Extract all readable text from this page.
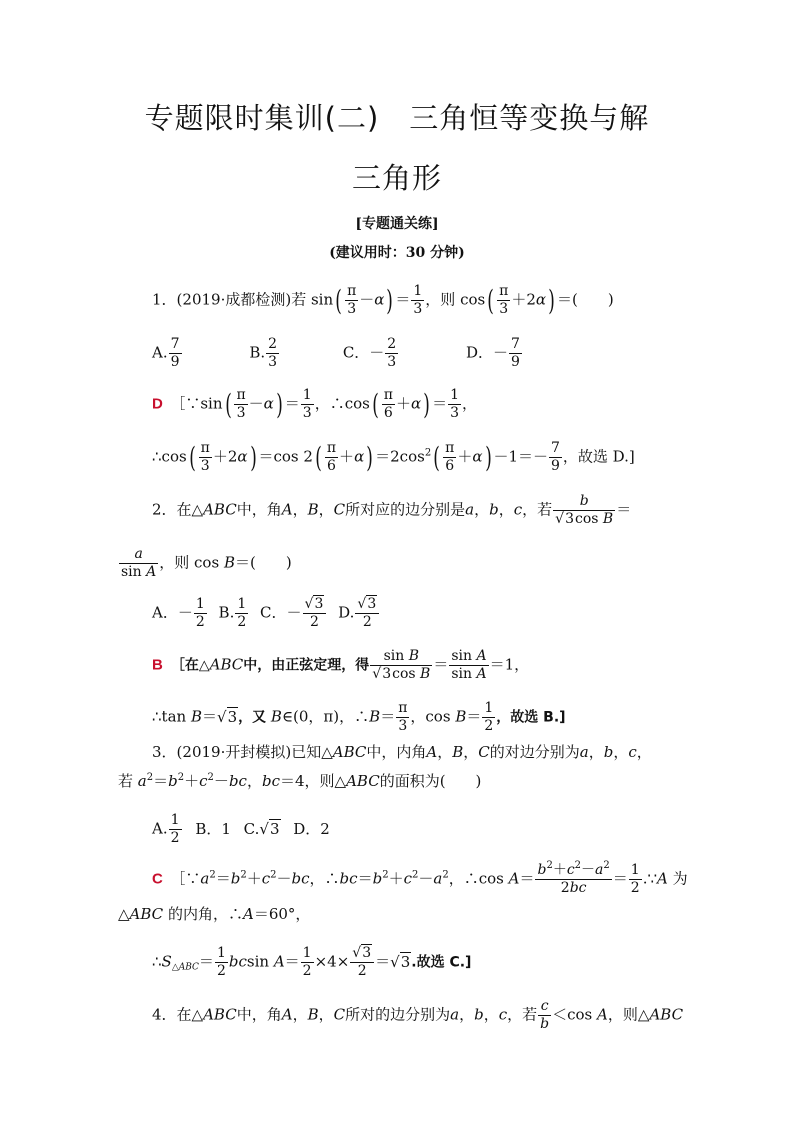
专题限时集训(二)　三角恒等变换与解
三角形
[专题通关练]
(建议用时：30 分钟)
1．(2019·成都检测)若 $\sin( \frac{\pi}{3} -\alpha) = \frac{1}{3}$ ，则 $\cos( \frac{\pi}{3} +2\alpha)$ ＝(　　)
A. $\frac{7}{9}$	B. $\frac{2}{3}$	C．－ $\frac{2}{3}$	D．－ $\frac{7}{9}$
D　 ［∵sin( $\frac{\pi}{3} -\alpha) = \frac{1}{3}$ ，∴cos( $\frac{\pi}{6} +\alpha) = \frac{1}{3}$ ，
∴cos( $\frac{\pi}{3} +2\alpha) =\cos$ $2( \frac{\pi}{6} +\alpha) =2\cos^2( \frac{\pi}{6} +\alpha) -1=- \frac{7}{9}$ ，故选 D.]
2．在△ABC中，角A，B，C所对应的边分别是a，b，c，若 $\frac{b}{\text{√3cos B}}$ ＝
$\frac{a}{\text{sin A}}$ ，则 cos B＝(　　)
A．－ $\frac{1}{2} B$. $\frac{1}{2}$ C．－ $\frac{√3}{2} D$. $\frac{√3}{2}$
B　 ［在△ABC中，由正弦定理，得 $\frac{\text{sin B}}{\text{√3cos B}} = \frac{\text{sin A}}{\text{sin A}} =1$，
∴tan B＝√3，又 B∈(0，π)，∴B＝ $\frac{\pi}{3}$ ，$\cos B= \frac{1}{2}$ ，故选 B.]
3．(2019·开封模拟)已知△ABC中，内角A，B，C的对边分别为a，b，c，
若 $a^2=b^2+c^2-bc$，bc＝4，则△ABC的面积为(　　)
A. $\frac{1}{2}$ B．1 C.√3 D．2
C　 $[\because a^2=b^2+c^2-bc$，$\therefore bc=b^2+c^2-a^2$，∴cos $A= \frac{b^2+c^2-a^2}{2bc} = \frac{1}{2}$ .∵A 为
△ABC 的内角，∴A＝60°，
$\therefore S_{\triangle ABC}= \frac{1}{2}$ bcsin $A= \frac{1}{2} \times 4\times \frac{√3}{2} =√3$.故选 C.]
4．在△ABC中，角A，B，C所对的边分别为a，b，c，若 $\frac{c}{b} <\cos$ A，则△ABC
